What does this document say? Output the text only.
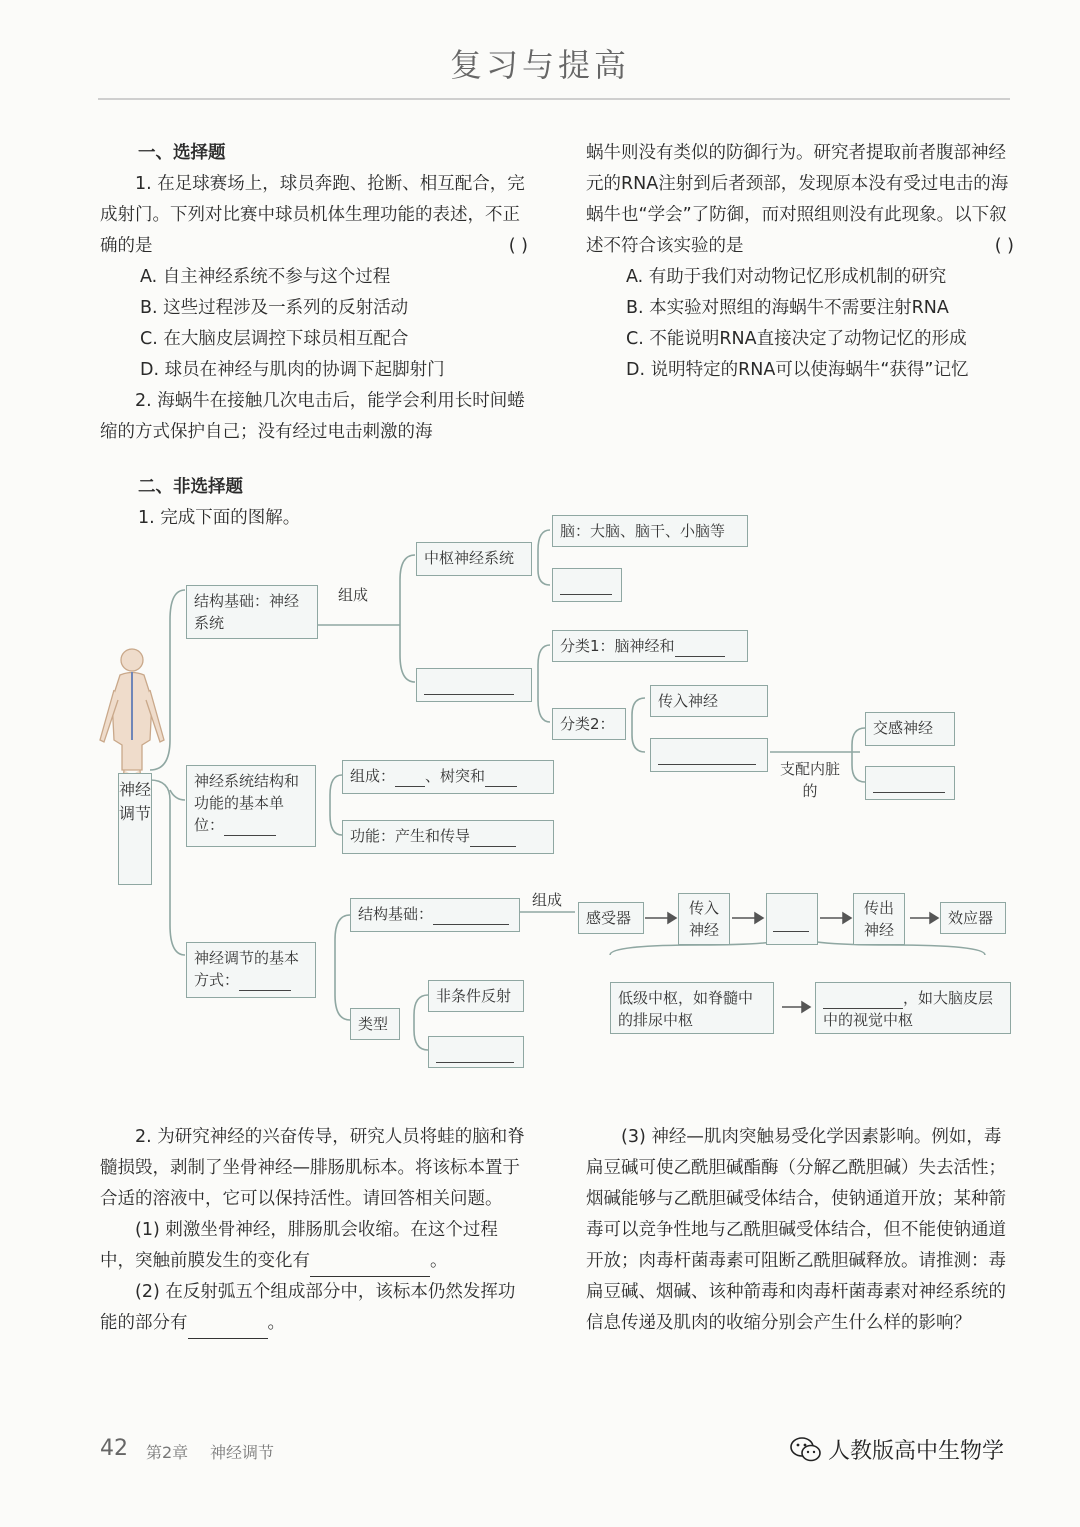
复习与提高

一、选择题

1. 在足球赛场上，球员奔跑、抢断、相互配合，完成射门。下列对比赛中球员机体生理功能的表述，不正确的是	( )

A. 自主神经系统不参与这个过程

B. 这些过程涉及一系列的反射活动

C. 在大脑皮层调控下球员相互配合

D. 球员在神经与肌肉的协调下起脚射门

2. 海蜗牛在接触几次电击后，能学会利用长时间蜷缩的方式保护自己；没有经过电击刺激的海

蜗牛则没有类似的防御行为。研究者提取前者腹部神经元的RNA注射到后者颈部，发现原本没有受过电击的海蜗牛也“学会”了防御，而对照组则没有此现象。以下叙述不符合该实验的是	( )

A. 有助于我们对动物记忆形成机制的研究

B. 本实验对照组的海蜗牛不需要注射RNA

C. 不能说明RNA直接决定了动物记忆的形成

D. 说明特定的RNA可以使海蜗牛“获得”记忆

二、非选择题

1. 完成下面的图解。

神经调节
结构基础：神经系统
组成
中枢神经系统
脑：大脑、脑干、小脑等
分类1：脑神经和
分类2：
传入神经
支配内脏的
交感神经
神经系统结构和功能的基本单位：
组成： 、树突和
功能：产生和传导
神经调节的基本方式：
结构基础：
组成
感受器
传入神经
传出神经
效应器
低级中枢，如脊髓中的排尿中枢
，如大脑皮层中的视觉中枢
类型
非条件反射

2. 为研究神经的兴奋传导，研究人员将蛙的脑和脊髓损毁，剥制了坐骨神经—腓肠肌标本。将该标本置于合适的溶液中，它可以保持活性。请回答相关问题。

(1) 刺激坐骨神经，腓肠肌会收缩。在这个过程中，突触前膜发生的变化有	。

(2) 在反射弧五个组成部分中，该标本仍然发挥功能的部分有	。

(3) 神经—肌肉突触易受化学因素影响。例如，毒扁豆碱可使乙酰胆碱酯酶（分解乙酰胆碱）失去活性；烟碱能够与乙酰胆碱受体结合，使钠通道开放；某种箭毒可以竞争性地与乙酰胆碱受体结合，但不能使钠通道开放；肉毒杆菌毒素可阻断乙酰胆碱释放。请推测：毒扁豆碱、烟碱、该种箭毒和肉毒杆菌毒素对神经系统的信息传递及肌肉的收缩分别会产生什么样的影响？

42 第2章 神经调节	人教版高中生物学
